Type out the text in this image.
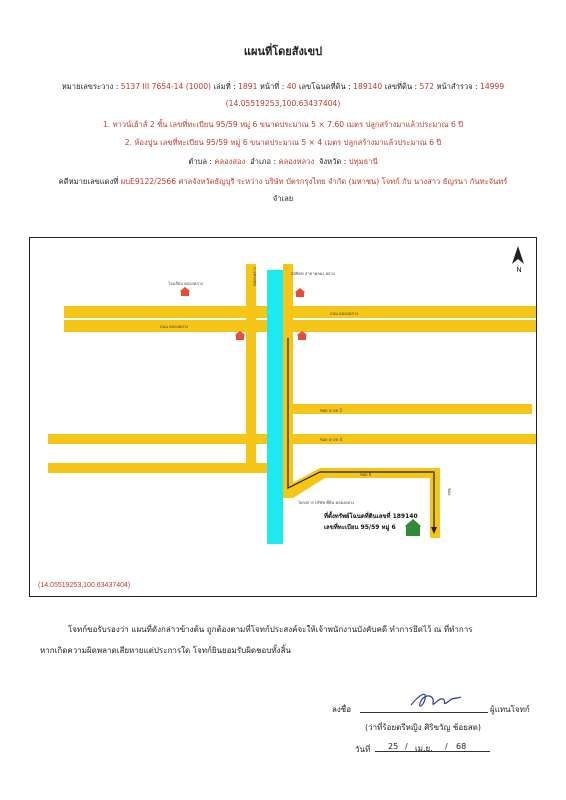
แผนที่โดยสังเขป
หมายเลขระวาง : 5137 III 7654-14 (1000) เล่มที่ : 1891 หน้าที่ : 40 เลขโฉนดที่ดิน : 189140 เลขที่ดิน : 572 หน้าสำรวจ : 14999
(14.05519253,100.63437404)
1. ทาวน์เฮ้าส์ 2 ชั้น เลขที่ทะเบียน 95/59 หมู่ 6 ขนาดประมาณ 5 × 7.60 เมตร ปลูกสร้างมาแล้วประมาณ 6 ปี
2. ห้องปูน เลขที่ทะเบียน 95/59 หมู่ 6 ขนาดประมาณ 5 × 4 เมตร ปลูกสร้างมาแล้วประมาณ 6 ปี
ตำบล : คลองสอง อำเภอ : คลองหลวง จังหวัด : ปทุมธานี
คดีหมายเลขแดงที่ ผบE9122/2566 ศาลจังหวัดธัญบุรี ระหว่าง บริษัท บัตรกรุงไทย จำกัด (มหาชน) โจทก์ กับ นางสาว ธัญรนา กันทะจันทร์
จำเลย
N
โรงเรียน คลองหลวง
มัสยิดท สาขาคลอง หลวง
ถนน คลองหลวง
ถนน คลองหลวง
คลองหลวง
ซอย บางข 2
ซอย บางข 4
ซอย 6
โครงการ บริษัท ที่ดิน คลองหลวง
ซอย
ที่ตั้งทรัพย์โฉนดที่ดินเลขที่ 189140
เลขที่ทะเบียน 95/59 หมู่ 6
(14.05519253,100.63437404)
โจทก์ขอรับรองว่า แผนที่ดังกล่าวข้างต้น ถูกต้องตามที่โจทก์ประสงค์จะให้เจ้าพนักงานบังคับคดี ทำการยึดไว้ ณ ที่ทำการ
หากเกิดความผิดพลาดเสียหายแต่ประการใด โจทก์ยินยอมรับผิดชอบทั้งสิ้น
ลงชื่อ	ผู้แทนโจทก์
(ว่าที่ร้อยตรีหญิง ศิริขวัญ ช้อยสด)
วันที่ 25 / เม.ย. / 68
